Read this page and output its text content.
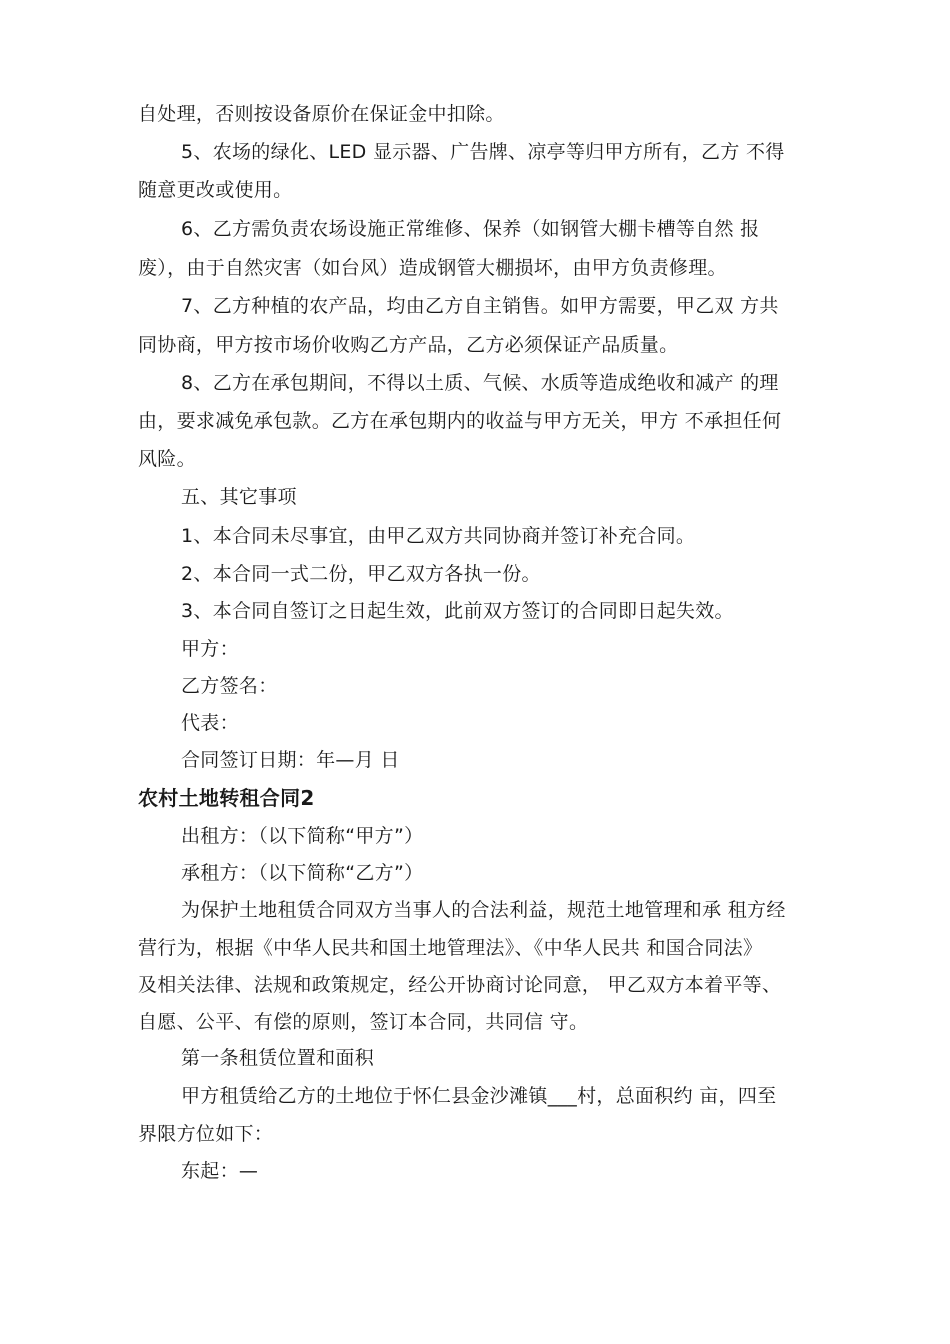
自处理，否则按设备原价在保证金中扣除。
5、农场的绿化、LED 显示器、广告牌、凉亭等归甲方所有，乙方 不得
随意更改或使用。
6、乙方需负责农场设施正常维修、保养（如钢管大棚卡槽等自然 报
废），由于自然灾害（如台风）造成钢管大棚损坏，由甲方负责修理。
7、乙方种植的农产品，均由乙方自主销售。如甲方需要，甲乙双 方共
同协商，甲方按市场价收购乙方产品，乙方必须保证产品质量。
8、乙方在承包期间，不得以土质、气候、水质等造成绝收和减产 的理
由，要求减免承包款。乙方在承包期内的收益与甲方无关，甲方 不承担任何
风险。
五、其它事项
1、本合同未尽事宜，由甲乙双方共同协商并签订补充合同。
2、本合同一式二份，甲乙双方各执一份。
3、本合同自签订之日起生效，此前双方签订的合同即日起失效。
甲方：
乙方签名：
代表：
合同签订日期：年—月 日
农村土地转租合同2
出租方：（以下简称“甲方”）
承租方：（以下简称“乙方”）
为保护土地租赁合同双方当事人的合法利益，规范土地管理和承 租方经
营行为，根据《中华人民共和国土地管理法》、《中华人民共 和国合同法》
及相关法律、法规和政策规定，经公开协商讨论同意， 甲乙双方本着平等、
自愿、公平、有偿的原则，签订本合同，共同信 守。
第一条租赁位置和面积
甲方租赁给乙方的土地位于怀仁县金沙滩镇___村，总面积约 亩，四至
界限方位如下：
东起：—
